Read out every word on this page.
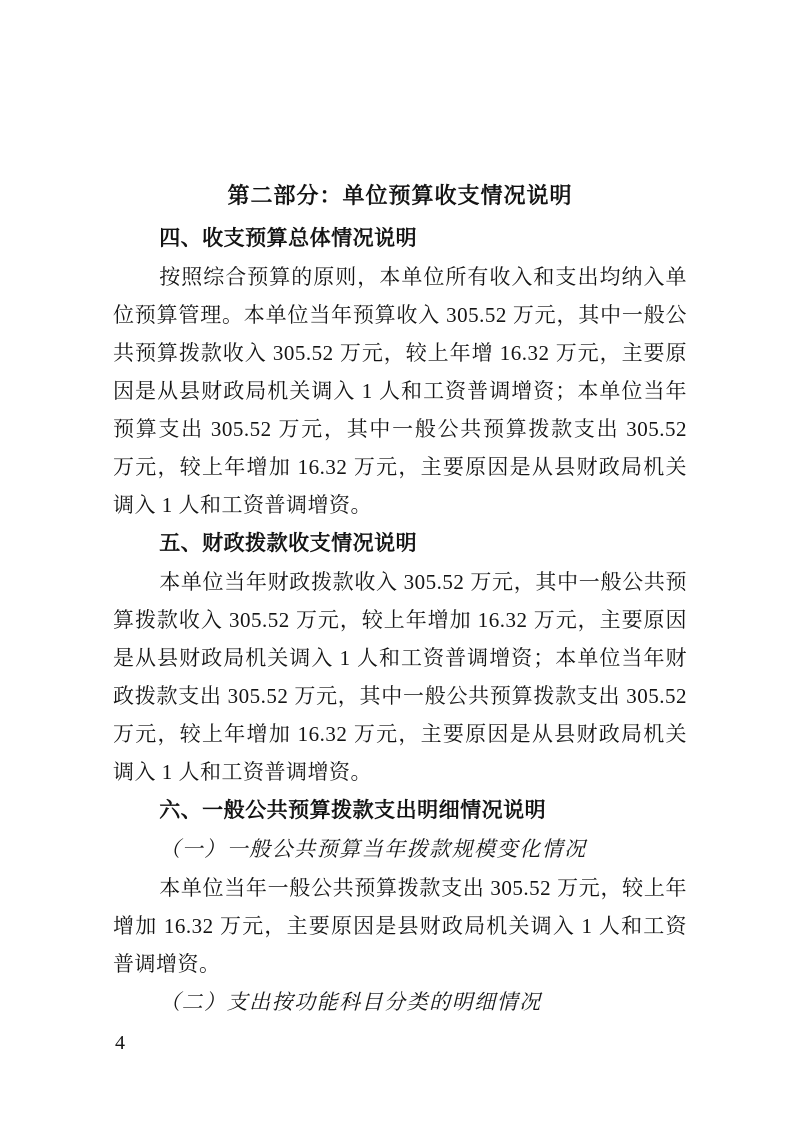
第二部分：单位预算收支情况说明
四、收支预算总体情况说明

按照综合预算的原则，本单位所有收入和支出均纳入单位预算管理。本单位当年预算收入 305.52 万元，其中一般公共预算拨款收入 305.52 万元，较上年增 16.32 万元，主要原因是从县财政局机关调入 1 人和工资普调增资；本单位当年预算支出 305.52 万元，其中一般公共预算拨款支出 305.52 万元，较上年增加 16.32 万元，主要原因是从县财政局机关调入 1 人和工资普调增资。

五、财政拨款收支情况说明

本单位当年财政拨款收入 305.52 万元，其中一般公共预算拨款收入 305.52 万元，较上年增加 16.32 万元，主要原因是从县财政局机关调入 1 人和工资普调增资；本单位当年财政拨款支出 305.52 万元，其中一般公共预算拨款支出 305.52 万元，较上年增加 16.32 万元，主要原因是从县财政局机关调入 1 人和工资普调增资。

六、一般公共预算拨款支出明细情况说明
（一）一般公共预算当年拨款规模变化情况

本单位当年一般公共预算拨款支出 305.52 万元，较上年增加 16.32 万元，主要原因是县财政局机关调入 1 人和工资普调增资。

（二）支出按功能科目分类的明细情况
4
